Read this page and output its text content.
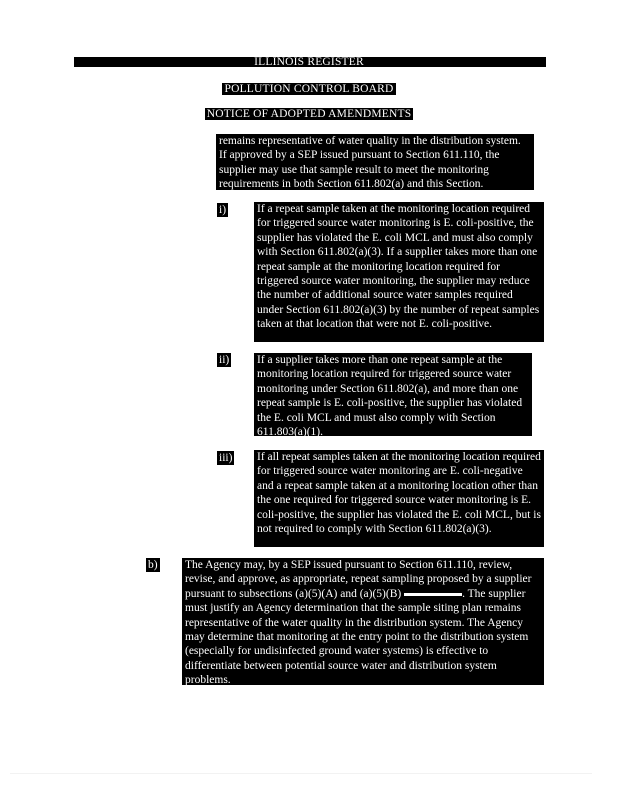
ILLINOIS REGISTER
POLLUTION CONTROL BOARD
NOTICE OF ADOPTED AMENDMENTS
remains representative of water quality in the distribution system. If approved by a SEP issued pursuant to Section 611.110, the supplier may use that sample result to meet the monitoring requirements in both Section 611.802(a) and this Section.
i)	If a repeat sample taken at the monitoring location required for triggered source water monitoring is E. coli-positive, the supplier has violated the E. coli MCL and must also comply with Section 611.802(a)(3). If a supplier takes more than one repeat sample at the monitoring location required for triggered source water monitoring, the supplier may reduce the number of additional source water samples required under Section 611.802(a)(3) by the number of repeat samples taken at that location that were not E. coli-positive.
ii) If a supplier takes more than one repeat sample at the monitoring location required for triggered source water monitoring under Section 611.802(a), and more than one repeat sample is E. coli-positive, the supplier has violated the E. coli MCL and must also comply with Section 611.803(a)(1).
iii) If all repeat samples taken at the monitoring location required for triggered source water monitoring are E. coli-negative and a repeat sample taken at a monitoring location other than the one required for triggered source water monitoring is E. coli-positive, the supplier has violated the E. coli MCL, but is not required to comply with Section 611.802(a)(3).
b) The Agency may, by a SEP issued pursuant to Section 611.110, review, revise, and approve, as appropriate, repeat sampling proposed by a supplier pursuant to subsections (a)(5)(A) and (a)(5)(B)	. The supplier must justify an Agency determination that the sample siting plan remains representative of the water quality in the distribution system. The Agency may determine that monitoring at the entry point to the distribution system (especially for undisinfected ground water systems) is effective to differentiate between potential source water and distribution system problems.
